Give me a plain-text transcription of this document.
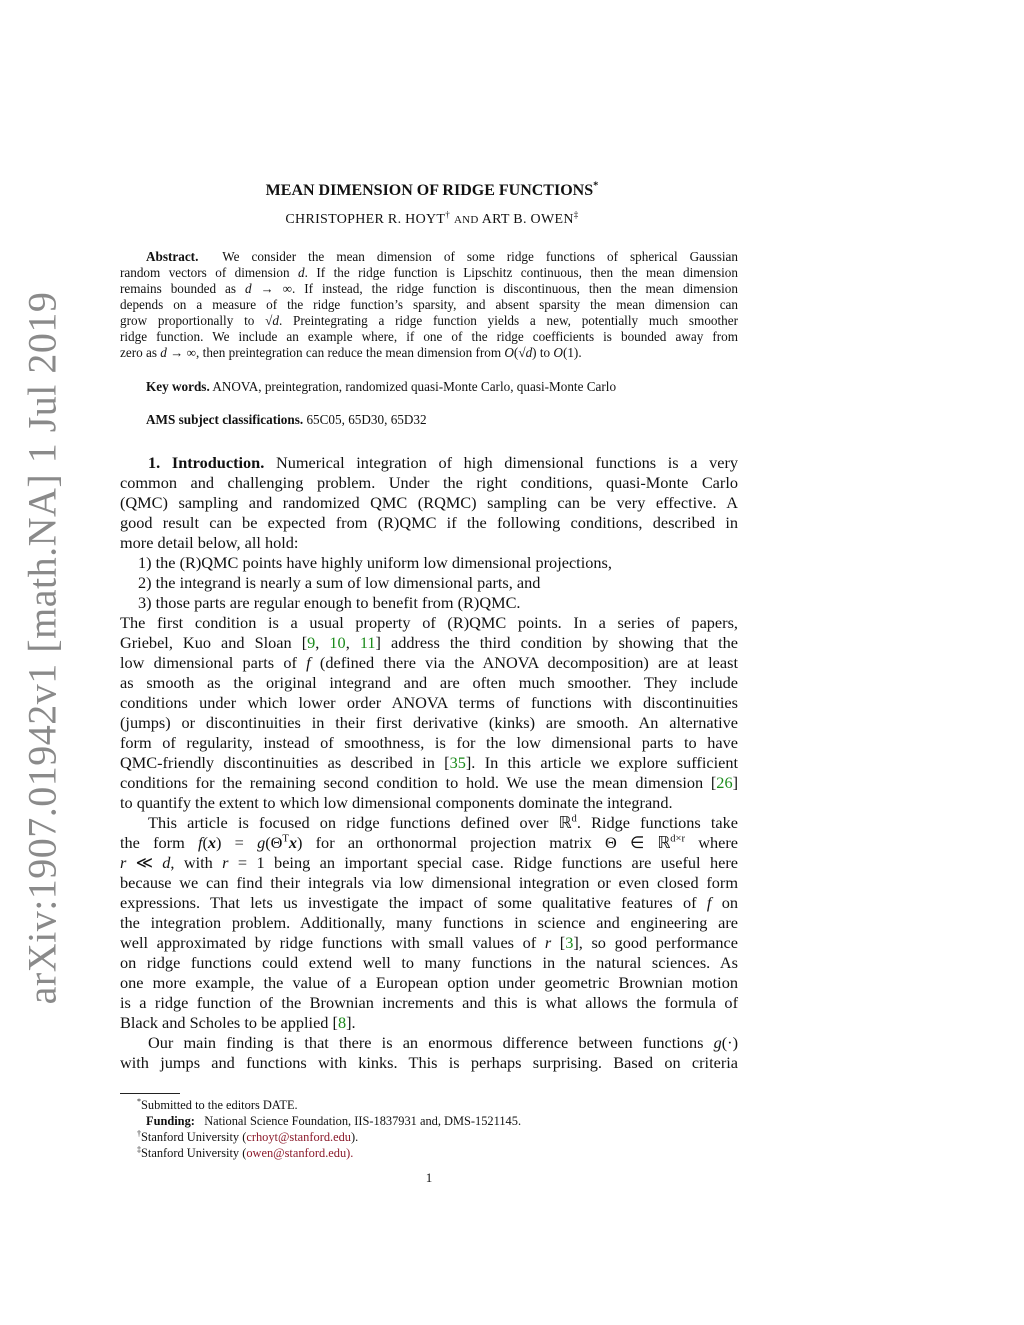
arXiv:1907.01942v1 [math.NA] 1 Jul 2019
MEAN DIMENSION OF RIDGE FUNCTIONS*
CHRISTOPHER R. HOYT† AND ART B. OWEN‡
Abstract.  We consider the mean dimension of some ridge functions of spherical Gaussian
random vectors of dimension d. If the ridge function is Lipschitz continuous, then the mean dimension
remains bounded as d → ∞. If instead, the ridge function is discontinuous, then the mean dimension
depends on a measure of the ridge function’s sparsity, and absent sparsity the mean dimension can
grow proportionally to √d. Preintegrating a ridge function yields a new, potentially much smoother
ridge function. We include an example where, if one of the ridge coefficients is bounded away from
zero as d → ∞, then preintegration can reduce the mean dimension from O(√d) to O(1).
Key words. ANOVA, preintegration, randomized quasi-Monte Carlo, quasi-Monte Carlo
AMS subject classifications. 65C05, 65D30, 65D32
1. Introduction. Numerical integration of high dimensional functions is a very
common and challenging problem. Under the right conditions, quasi-Monte Carlo
(QMC) sampling and randomized QMC (RQMC) sampling can be very effective. A
good result can be expected from (R)QMC if the following conditions, described in
more detail below, all hold:
1) the (R)QMC points have highly uniform low dimensional projections,
2) the integrand is nearly a sum of low dimensional parts, and
3) those parts are regular enough to benefit from (R)QMC.
The first condition is a usual property of (R)QMC points. In a series of papers,
Griebel, Kuo and Sloan [9, 10, 11] address the third condition by showing that the
low dimensional parts of f (defined there via the ANOVA decomposition) are at least
as smooth as the original integrand and are often much smoother. They include
conditions under which lower order ANOVA terms of functions with discontinuities
(jumps) or discontinuities in their first derivative (kinks) are smooth. An alternative
form of regularity, instead of smoothness, is for the low dimensional parts to have
QMC-friendly discontinuities as described in [35]. In this article we explore sufficient
conditions for the remaining second condition to hold. We use the mean dimension [26]
to quantify the extent to which low dimensional components dominate the integrand.
This article is focused on ridge functions defined over ℝ$^d$. Ridge functions take
the form $f(x) = g(\Theta^Tx)$ for an orthonormal projection matrix Θ ∈ ℝ$^{d\times r}$ where
r ≪ d, with r = 1 being an important special case. Ridge functions are useful here
because we can find their integrals via low dimensional integration or even closed form
expressions. That lets us investigate the impact of some qualitative features of f on
the integration problem. Additionally, many functions in science and engineering are
well approximated by ridge functions with small values of r [3], so good performance
on ridge functions could extend well to many functions in the natural sciences. As
one more example, the value of a European option under geometric Brownian motion
is a ridge function of the Brownian increments and this is what allows the formula of
Black and Scholes to be applied [8].
Our main finding is that there is an enormous difference between functions g(·)
with jumps and functions with kinks. This is perhaps surprising. Based on criteria
*Submitted to the editors DATE.
Funding: National Science Foundation, IIS-1837931 and, DMS-1521145.
†Stanford University (crhoyt@stanford.edu).
‡Stanford University (owen@stanford.edu).
1
